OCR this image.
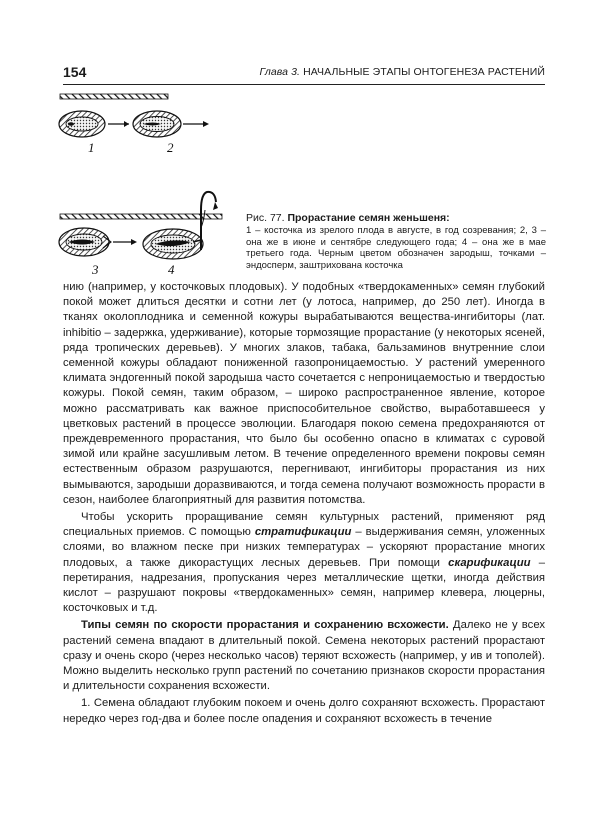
154	Глава 3. НАЧАЛЬНЫЕ ЭТАПЫ ОНТОГЕНЕЗА РАСТЕНИЙ
1	2
3	4
Рис. 77. Прорастание семян женьшеня:
1 – косточка из зрелого плода в августе, в год созревания; 2, 3 – она же в июне и сентябре следующего года; 4 – она же в мае третьего года. Черным цветом обозначен зародыш, точками – эндосперм, заштрихована косточка

нию (например, у косточковых плодовых). У подобных «твердокаменных» семян глубокий покой может длиться десятки и сотни лет (у лотоса, например, до 250 лет). Иногда в тканях околоплодника и семенной кожуры вырабатываются вещества-ингибиторы (лат. inhibitio – задержка, удерживание), которые тормозящие прорастание (у некоторых ясеней, ряда тропических деревьев). У многих злаков, табака, бальзаминов внутренние слои семенной кожуры обладают пониженной газопроницаемостью. У растений умеренного климата эндогенный покой зародыша часто сочетается с непроницаемостью и твердостью кожуры. Покой семян, таким образом, – широко распространенное явление, которое можно рассматривать как важное приспособительное свойство, выработавшееся у цветковых растений в процессе эволюции. Благодаря покою семена предохраняются от преждевременного прорастания, что было бы особенно опасно в климатах с суровой зимой или крайне засушливым летом. В течение определенного времени покровы семян естественным образом разрушаются, перегнивают, ингибиторы прорастания из них вымываются, зародыши доразвиваются, и тогда семена получают возможность прорасти в сезон, наиболее благоприятный для развития потомства.

Чтобы ускорить проращивание семян культурных растений, применяют ряд специальных приемов. С помощью стратификации – выдерживания семян, уложенных слоями, во влажном песке при низких температурах – ускоряют прорастание многих плодовых, а также дикорастущих лесных деревьев. При помощи скарификации – перетирания, надрезания, пропускания через металлические щетки, иногда действия кислот – разрушают покровы «твердокаменных» семян, например клевера, люцерны, косточковых и т.д.

Типы семян по скорости прорастания и сохранению всхожести. Далеко не у всех растений семена впадают в длительный покой. Семена некоторых растений прорастают сразу и очень скоро (через несколько часов) теряют всхожесть (например, у ив и тополей). Можно выделить несколько групп растений по сочетанию признаков скорости прорастания и длительности сохранения всхожести.

1. Семена обладают глубоким покоем и очень долго сохраняют всхожесть. Прорастают нередко через год-два и более после опадения и сохраняют всхожесть в течение
